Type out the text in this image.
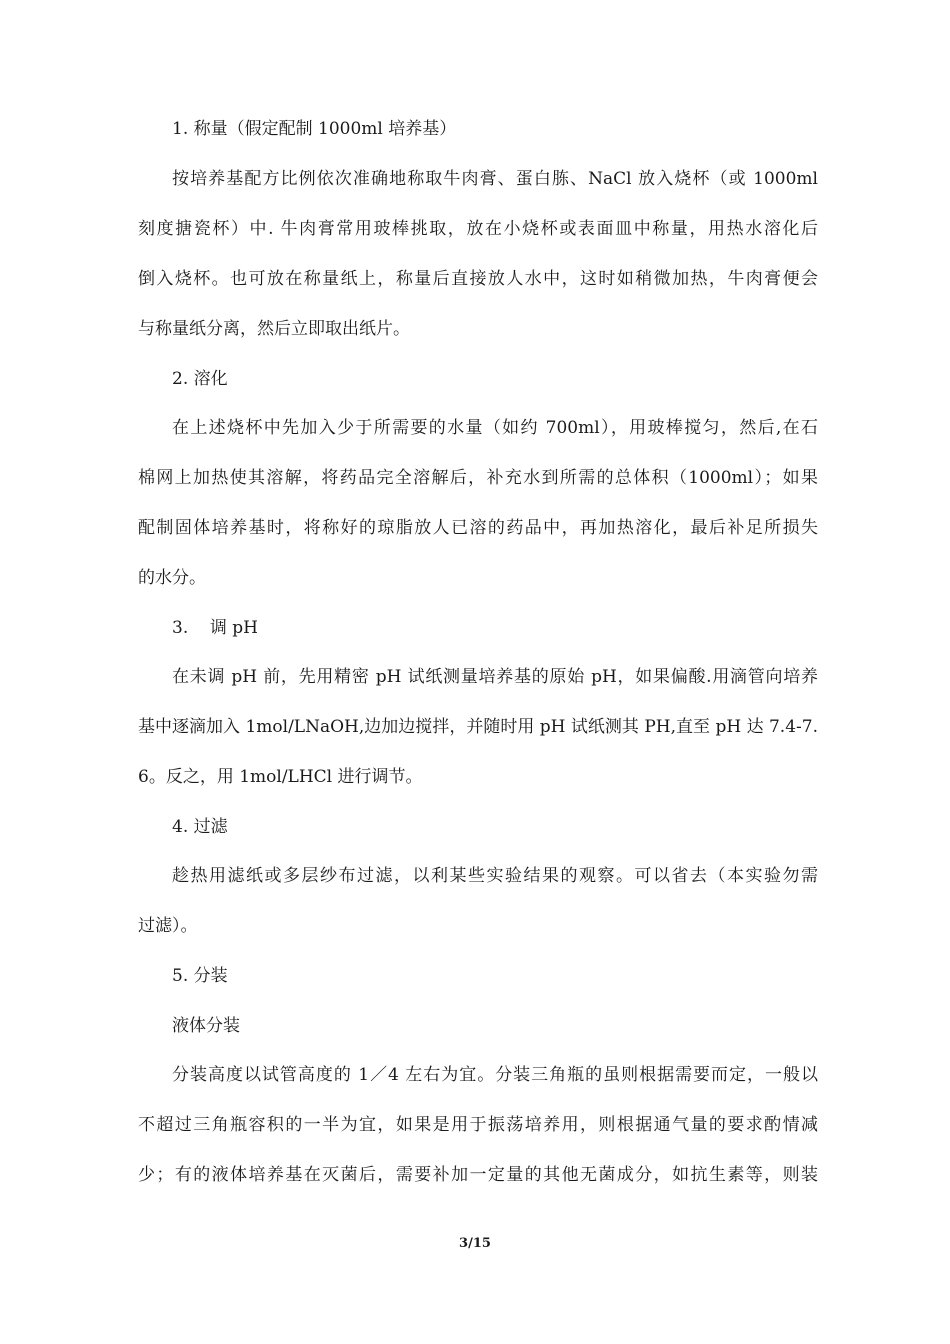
1. 称量（假定配制 1000ml 培养基）
按培养基配方比例依次准确地称取牛肉膏、蛋白胨、NaCl 放入烧杯（或 1000ml
刻度搪瓷杯）中. 牛肉膏常用玻棒挑取，放在小烧杯或表面皿中称量，用热水溶化后
倒入烧杯。也可放在称量纸上，称量后直接放人水中，这时如稍微加热，牛肉膏便会
与称量纸分离，然后立即取出纸片。
2. 溶化
在上述烧杯中先加入少于所需要的水量（如约 700ml），用玻棒搅匀，然后,在石
棉网上加热使其溶解，将药品完全溶解后，补充水到所需的总体积（1000ml）；如果
配制固体培养基时，将称好的琼脂放人已溶的药品中，再加热溶化，最后补足所损失
的水分。
3.    调 pH
在未调 pH 前，先用精密 pH 试纸测量培养基的原始 pH，如果偏酸.用滴管向培养
基中逐滴加入 1mol/LNaOH,边加边搅拌，并随时用 pH 试纸测其 PH,直至 pH 达 7.4-7.
6。反之，用 1mol/LHCl 进行调节。
4. 过滤
趁热用滤纸或多层纱布过滤，以利某些实验结果的观察。可以省去（本实验勿需
过滤）。
5. 分装
液体分装
分装高度以试管高度的 1／4 左右为宜。分装三角瓶的虽则根据需要而定，一般以
不超过三角瓶容积的一半为宜，如果是用于振荡培养用，则根据通气量的要求酌情减
少；有的液体培养基在灭菌后，需要补加一定量的其他无菌成分，如抗生素等，则装
3/15
